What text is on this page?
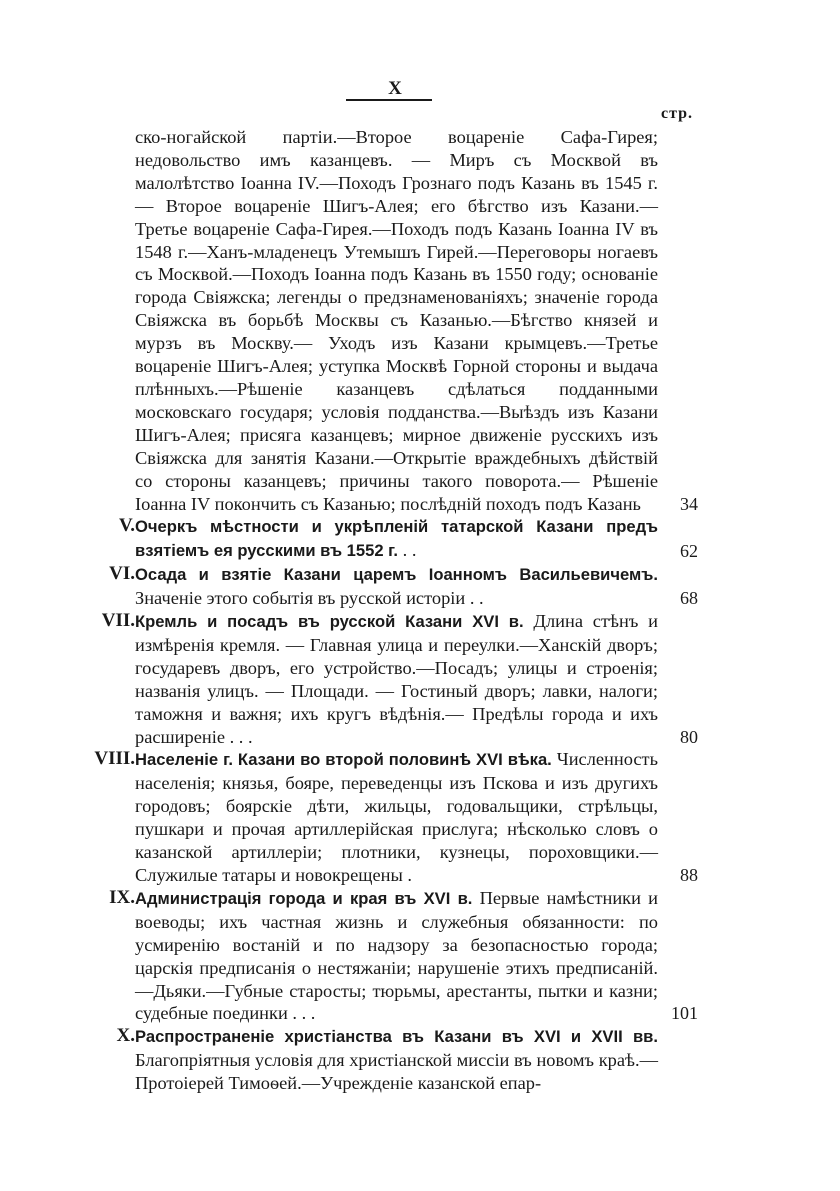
X
стр.
ско-ногайской партіи.—Второе воцареніе Сафа-Гирея; недовольство имъ казанцевъ. — Миръ съ Москвой въ малолѣтство Іоанна IV.—Походъ Грознаго подъ Казань въ 1545 г.— Второе воцареніе Шигъ-Алея; его бѣгство изъ Казани.— Третье воцареніе Сафа-Гирея.—Походъ подъ Казань Іоанна IV въ 1548 г.—Ханъ-младенецъ Утемышъ Гирей.—Переговоры ногаевъ съ Москвой.—Походъ Іоанна подъ Казань въ 1550 году; основаніе города Свіяжска; легенды о предзнаменованіяхъ; значеніе города Свіяжска въ борьбѣ Москвы съ Казанью.—Бѣгство князей и мурзъ въ Москву.— Уходъ изъ Казани крымцевъ.—Третье воцареніе Шигъ-Алея; уступка Москвѣ Горной стороны и выдача плѣнныхъ.—Рѣшеніе казанцевъ сдѣлаться подданными московскаго государя; условія подданства.—Выѣздъ изъ Казани Шигъ-Алея; присяга казанцевъ; мирное движеніе русскихъ изъ Свіяжска для занятія Казани.—Открытіе враждебныхъ дѣйствій со стороны казанцевъ; причины такого поворота.— Рѣшеніе Іоанна IV покончить съ Казанью; послѣдній походъ подъ Казань	34
V. Очеркъ мѣстности и укрѣпленій татарской Казани предъ взятіемъ ея русскими въ 1552 г. . .	62
VI. Осада и взятіе Казани царемъ Іоанномъ Васильевичемъ. Значеніе этого событія въ русской исторіи . .	68
VII. Кремль и посадъ въ русской Казани XVI в. Длина стѣнъ и измѣренія кремля. — Главная улица и переулки.—Ханскій дворъ; государевъ дворъ, его устройство.—Посадъ; улицы и строенія; названія улицъ. — Площади. — Гостиный дворъ; лавки, налоги; таможня и важня; ихъ кругъ вѣдѣнія.— Предѣлы города и ихъ расширеніе . . .	80
VIII. Населеніе г. Казани во второй половинѣ XVI вѣка. Численность населенія; князья, бояре, переведенцы изъ Пскова и изъ другихъ городовъ; боярскіе дѣти, жильцы, годовальщики, стрѣльцы, пушкари и прочая артиллерійская прислуга; нѣсколько словъ о казанской артиллеріи; плотники, кузнецы, пороховщики.—Служилые татары и новокрещены .	88
IX. Администрація города и края въ XVI в. Первые намѣстники и воеводы; ихъ частная жизнь и служебныя обязанности: по усмиренію востаній и по надзору за безопасностью города; царскія предписанія о нестяжаніи; нарушеніе этихъ предписаній.—Дьяки.—Губные старосты; тюрьмы, арестанты, пытки и казни; судебные поединки . . .	101
X. Распространеніе христіанства въ Казани въ XVI и XVII вв. Благопріятныя условія для христіанской миссіи въ новомъ краѣ.—Протоіерей Тимоѳей.—Учрежденіе казанской епар-
